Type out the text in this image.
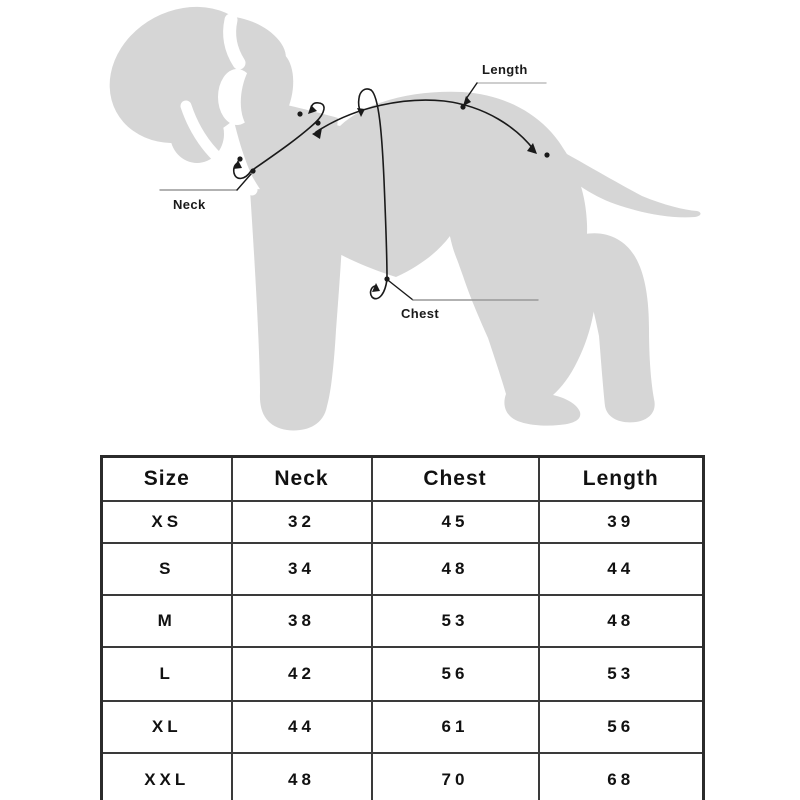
Length
Neck
Chest
Size	Neck	Chest	Length
XS	32	45	39
S	34	48	44
M	38	53	48
L	42	56	53
XL	44	61	56
XXL	48	70	68
